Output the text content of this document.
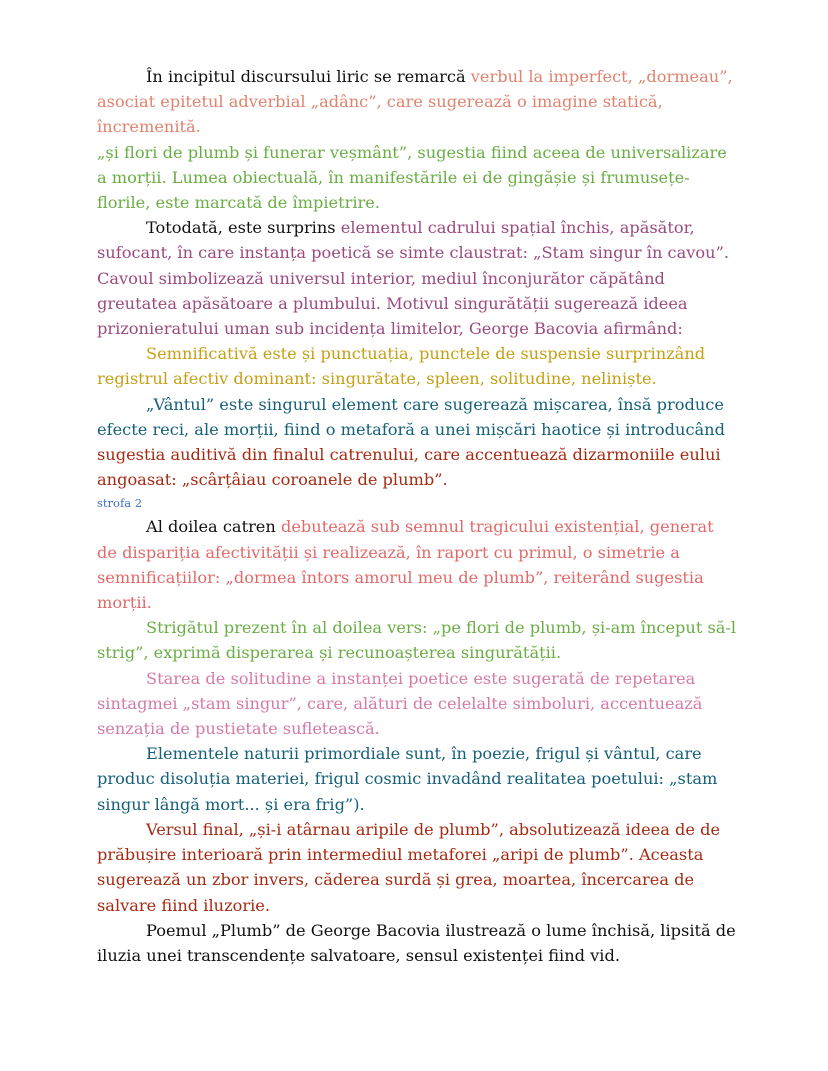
În incipitul discursului liric se remarcă verbul la imperfect, „dormeau”, asociat epitetul adverbial „adânc”, care sugerează o imagine statică, încremenită.

„și flori de plumb și funerar veșmânt”, sugestia fiind aceea de universalizare a morții. Lumea obiectuală, în manifestările ei de gingășie și frumusețe-florile, este marcată de împietrire.

Totodată, este surprins elementul cadrului spațial închis, apăsător, sufocant, în care instanța poetică se simte claustrat: „Stam singur în cavou”. Cavoul simbolizează universul interior, mediul înconjurător căpătând greutatea apăsătoare a plumbului. Motivul singurătății sugerează ideea prizonieratului uman sub incidența limitelor, George Bacovia afirmând:

Semnificativă este și punctuația, punctele de suspensie surprinzând registrul afectiv dominant: singurătate, spleen, solitudine, neliniște.

„Vântul” este singurul element care sugerează mișcarea, însă produce efecte reci, ale morții, fiind o metaforă a unei mișcări haotice și introducând sugestia auditivă din finalul catrenului, care accentuează dizarmoniile eului angoasat: „scârțâiau coroanele de plumb”.

strofa 2

Al doilea catren debutează sub semnul tragicului existențial, generat de dispariția afectivității și realizează, în raport cu primul, o simetrie a semnificațiilor: „dormea întors amorul meu de plumb”, reiterând sugestia morții.

Strigătul prezent în al doilea vers: „pe flori de plumb, și-am început să-l strig”, exprimă disperarea și recunoașterea singurătății.

Starea de solitudine a instanței poetice este sugerată de repetarea sintagmei „stam singur”, care, alături de celelalte simboluri, accentuează senzația de pustietate sufletească.

Elementele naturii primordiale sunt, în poezie, frigul și vântul, care produc disoluția materiei, frigul cosmic invadând realitatea poetului: „stam singur lângă mort... și era frig”).

Versul final, „și-i atârnau aripile de plumb”, absolutizează ideea de de prăbușire interioară prin intermediul metaforei „aripi de plumb”. Aceasta sugerează un zbor invers, căderea surdă și grea, moartea, încercarea de salvare fiind iluzorie.

Poemul „Plumb” de George Bacovia ilustrează o lume închisă, lipsită de iluzia unei transcendențe salvatoare, sensul existenței fiind vid.
